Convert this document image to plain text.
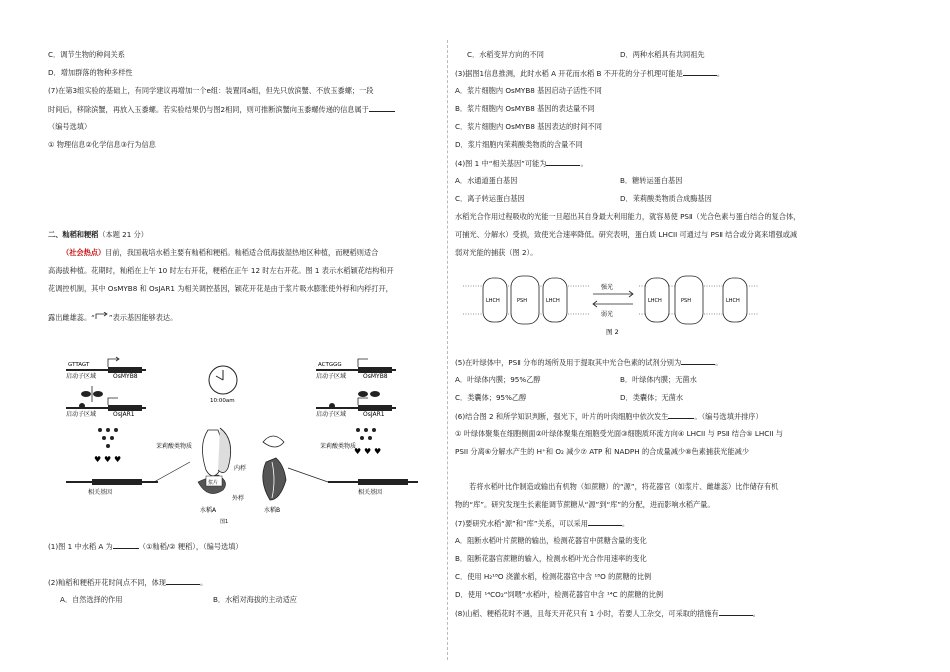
C．调节生物的种间关系
D．增加群落的物种多样性
(7)在第3组实验的基础上，有同学建议再增加一个e组：装置同a组，但先只放滨蟹、不放玉黍螺；一段
时间后，移除滨蟹，再放入玉黍螺。若实验结果仍与图2相同，则可推断滨蟹向玉黍螺传递的信息属于
（编号选填）
① 物理信息②化学信息③行为信息
二、籼稻和粳稻（本题 21 分）
（社会热点）目前，我国栽培水稻主要有籼稻和粳稻。籼稻适合低海拔湿热地区种植，而粳稻则适合
高海拔种植。花期时，籼稻在上午 10 时左右开花，粳稻在正午 12 时左右开花。图 1 表示水稻颖花结构和开
花调控机制，其中 OsMYB8 和 OsJAR1 为相关调控基因，颖花开花是由于浆片吸水膨胀使外稃和内稃打开，
露出雌雄蕊。“ ”表示基因能够表达。
GTTAGT
启动子区域	OsMYB8
启动子区域	OsJAR1
♥ ♥ ♥
茉莉酸类物质
相关基因
10:00am
内稃
浆片
外稃
水稻A
图1
水稻B
ACTGGG
启动子区域	OsMYB8
启动子区域	OsJAR1
♥ ♥ ♥
茉莉酸类物质
相关基因
(1)图 1 中水稻 A 为	（①籼稻/② 粳稻），（编号选填）
(2)籼稻和粳稻开花时间点不同，体现	。
A．自然选择的作用	B．水稻对海拔的主动适应
C．水稻变异方向的不同	D．两种水稻具有共同祖先
(3)据图1信息推测，此时水稻 A 开花而水稻 B 不开花的分子机理可能是	。
A．浆片细胞内 OsMYB8 基因启动子活性不同
B．浆片细胞内 OsMYB8 基因的表达量不同
C．浆片细胞内 OsMYB8 基因表达的时间不同
D．浆片细胞内茉莉酸类物质的含量不同
(4)图 1 中“相关基因”可能为	。
A．水通道蛋白基因	B．糖转运蛋白基因
C．离子转运蛋白基因	D．茉莉酸类物质合成酶基因
水稻光合作用过程吸收的光能一旦超出其自身最大利用能力，就容易使 PSⅡ（光合色素与蛋白结合的复合体，
可捕光、分解水）受损，致使光合速率降低。研究表明，蛋白质 LHCII 可通过与 PSⅡ 结合或分离来增强或减
弱对光能的捕获（图 2）。
LHCH	PSH	LHCH
强光
弱光
LHCH	PSH	LHCH
图 2
(5)在叶绿体中，PSⅡ 分布的场所及用于提取其中光合色素的试剂分别为	。
A．叶绿体内膜；95%乙醇	B．叶绿体内膜；无菌水
C．类囊体；95%乙醇	D．类囊体；无菌水
(6)结合图 2 和所学知识判断，强光下，叶片的叶肉细胞中依次发生	。（编号选填并排序）
① 叶绿体聚集在细胞侧面②叶绿体聚集在细胞受光面③细胞质环流方向④ LHCII 与 PSⅡ 结合⑤ LHCII 与
PSII 分离⑥分解水产生的 H⁺和 O₂ 减少⑦ ATP 和 NADPH 的合成量减少⑧色素捕获光能减少
若将水稻叶比作制造或输出有机物（如蔗糖）的“源”，将花器官（如浆片、雌雄蕊）比作储存有机
物的“库”。研究发现生长素能调节蔗糖从“源”到“库”的分配，进而影响水稻产量。
(7)要研究水稻“源”和“库”关系，可以采用	。
A．阻断水稻叶片蔗糖的输出，检测花器官中蔗糖含量的变化
B．阻断花器官蔗糖的输入，检测水稻叶光合作用速率的变化
C．使用 H₂¹⁸O 浇灌水稻，检测花器官中含 ¹⁸O 的蔗糖的比例
D．使用 ¹⁴CO₂“饲喂”水稻叶，检测花器官中含 ¹⁴C 的蔗糖的比例
(8)山稻、粳稻花时不遇，且每天开花只有 1 小时，若要人工杂交，可采取的措施有	。
